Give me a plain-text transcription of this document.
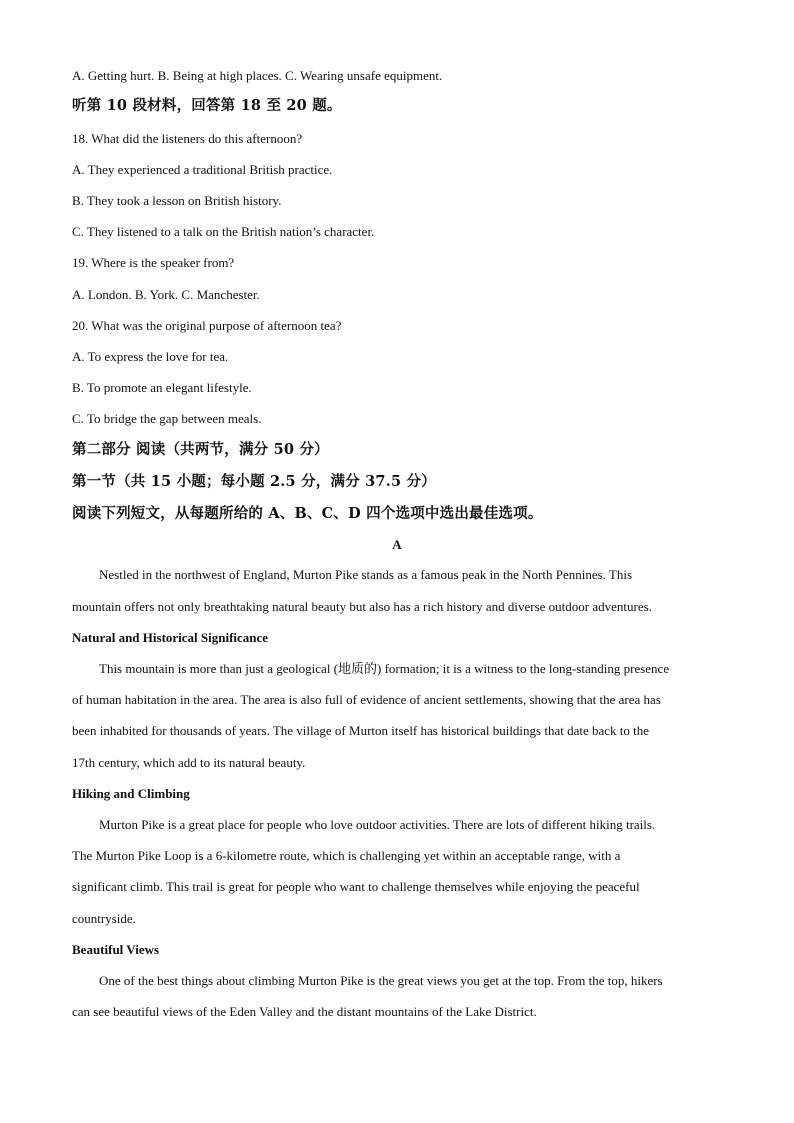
A. Getting hurt. B. Being at high places. C. Wearing unsafe equipment.
听第 10 段材料，回答第 18 至 20 题。
18. What did the listeners do this afternoon?
A. They experienced a traditional British practice.
B. They took a lesson on British history.
C. They listened to a talk on the British nation’s character.
19. Where is the speaker from?
A. London. B. York. C. Manchester.
20. What was the original purpose of afternoon tea?
A. To express the love for tea.
B. To promote an elegant lifestyle.
C. To bridge the gap between meals.
第二部分 阅读（共两节，满分 50 分）
第一节（共 15 小题；每小题 2.5 分，满分 37.5 分）
阅读下列短文，从每题所给的 A、B、C、D 四个选项中选出最佳选项。
A
Nestled in the northwest of England, Murton Pike stands as a famous peak in the North Pennines. This
mountain offers not only breathtaking natural beauty but also has a rich history and diverse outdoor adventures.
Natural and Historical Significance
This mountain is more than just a geological (地质的) formation; it is a witness to the long-standing presence
of human habitation in the area. The area is also full of evidence of ancient settlements, showing that the area has
been inhabited for thousands of years. The village of Murton itself has historical buildings that date back to the
17th century, which add to its natural beauty.
Hiking and Climbing
Murton Pike is a great place for people who love outdoor activities. There are lots of different hiking trails.
The Murton Pike Loop is a 6-kilometre route, which is challenging yet within an acceptable range, with a
significant climb. This trail is great for people who want to challenge themselves while enjoying the peaceful
countryside.
Beautiful Views
One of the best things about climbing Murton Pike is the great views you get at the top. From the top, hikers
can see beautiful views of the Eden Valley and the distant mountains of the Lake District.
